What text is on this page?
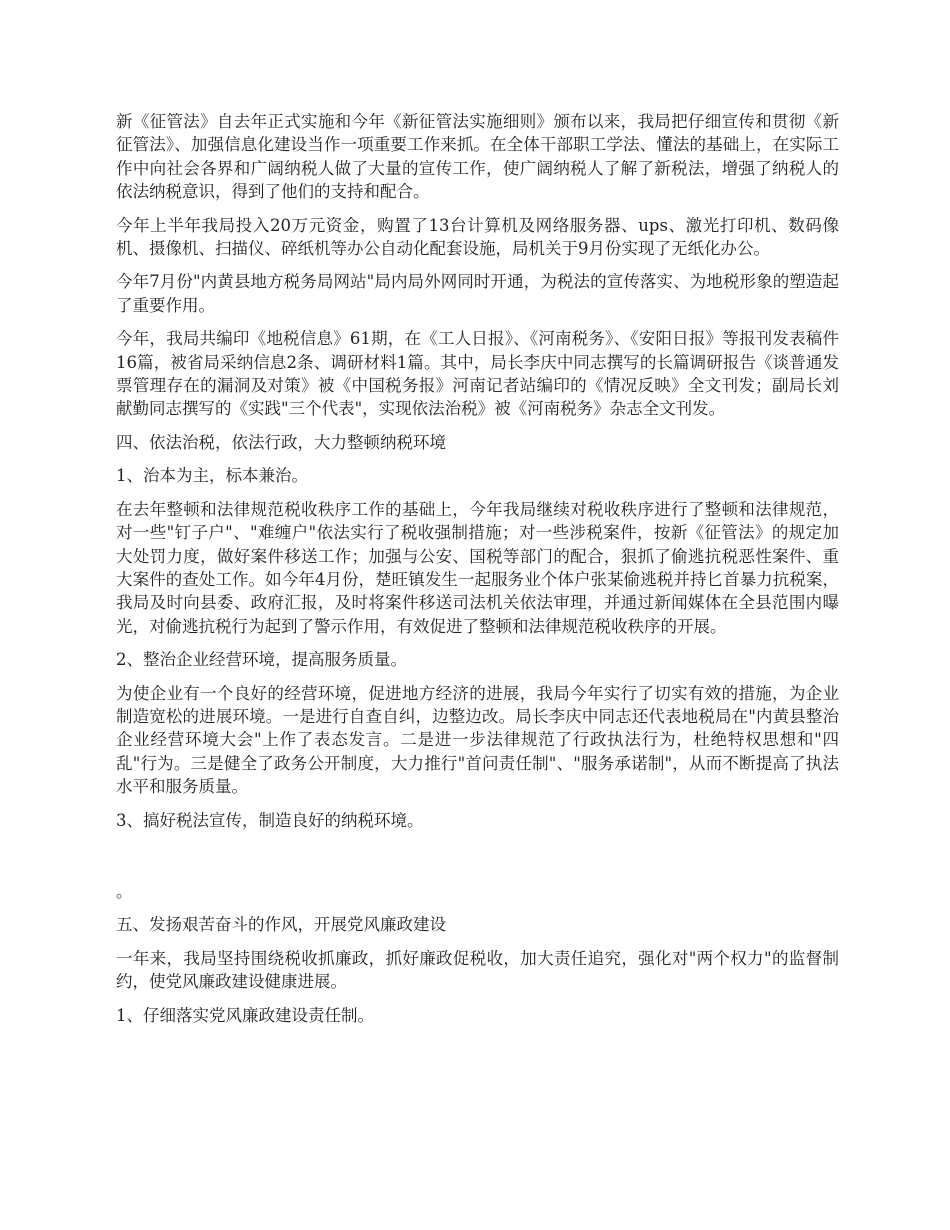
新《征管法》自去年正式实施和今年《新征管法实施细则》颁布以来，我局把仔细宣传和贯彻《新征管法》、加强信息化建设当作一项重要工作来抓。在全体干部职工学法、懂法的基础上，在实际工作中向社会各界和广阔纳税人做了大量的宣传工作，使广阔纳税人了解了新税法，增强了纳税人的依法纳税意识，得到了他们的支持和配合。

今年上半年我局投入20万元资金，购置了13台计算机及网络服务器、ups、激光打印机、数码像机、摄像机、扫描仪、碎纸机等办公自动化配套设施，局机关于9月份实现了无纸化办公。

今年7月份"内黄县地方税务局网站"局内局外网同时开通，为税法的宣传落实、为地税形象的塑造起了重要作用。

今年，我局共编印《地税信息》61期，在《工人日报》、《河南税务》、《安阳日报》等报刊发表稿件16篇，被省局采纳信息2条、调研材料1篇。其中，局长李庆中同志撰写的长篇调研报告《谈普通发票管理存在的漏洞及对策》被《中国税务报》河南记者站编印的《情况反映》全文刊发；副局长刘献勤同志撰写的《实践"三个代表"，实现依法治税》被《河南税务》杂志全文刊发。

四、依法治税，依法行政，大力整顿纳税环境

1、治本为主，标本兼治。

在去年整顿和法律规范税收秩序工作的基础上，今年我局继续对税收秩序进行了整顿和法律规范，对一些"钉子户"、"难缠户"依法实行了税收强制措施；对一些涉税案件，按新《征管法》的规定加大处罚力度，做好案件移送工作；加强与公安、国税等部门的配合，狠抓了偷逃抗税恶性案件、重大案件的查处工作。如今年4月份，楚旺镇发生一起服务业个体户张某偷逃税并持匕首暴力抗税案，我局及时向县委、政府汇报，及时将案件移送司法机关依法审理，并通过新闻媒体在全县范围内曝光，对偷逃抗税行为起到了警示作用，有效促进了整顿和法律规范税收秩序的开展。

2、整治企业经营环境，提高服务质量。

为使企业有一个良好的经营环境，促进地方经济的进展，我局今年实行了切实有效的措施，为企业制造宽松的进展环境。一是进行自查自纠，边整边改。局长李庆中同志还代表地税局在"内黄县整治企业经营环境大会"上作了表态发言。二是进一步法律规范了行政执法行为，杜绝特权思想和"四乱"行为。三是健全了政务公开制度，大力推行"首问责任制"、"服务承诺制"，从而不断提高了执法水平和服务质量。

3、搞好税法宣传，制造良好的纳税环境。

。

五、发扬艰苦奋斗的作风，开展党风廉政建设

一年来，我局坚持围绕税收抓廉政，抓好廉政促税收，加大责任追究，强化对"两个权力"的监督制约，使党风廉政建设健康进展。

1、仔细落实党风廉政建设责任制。
